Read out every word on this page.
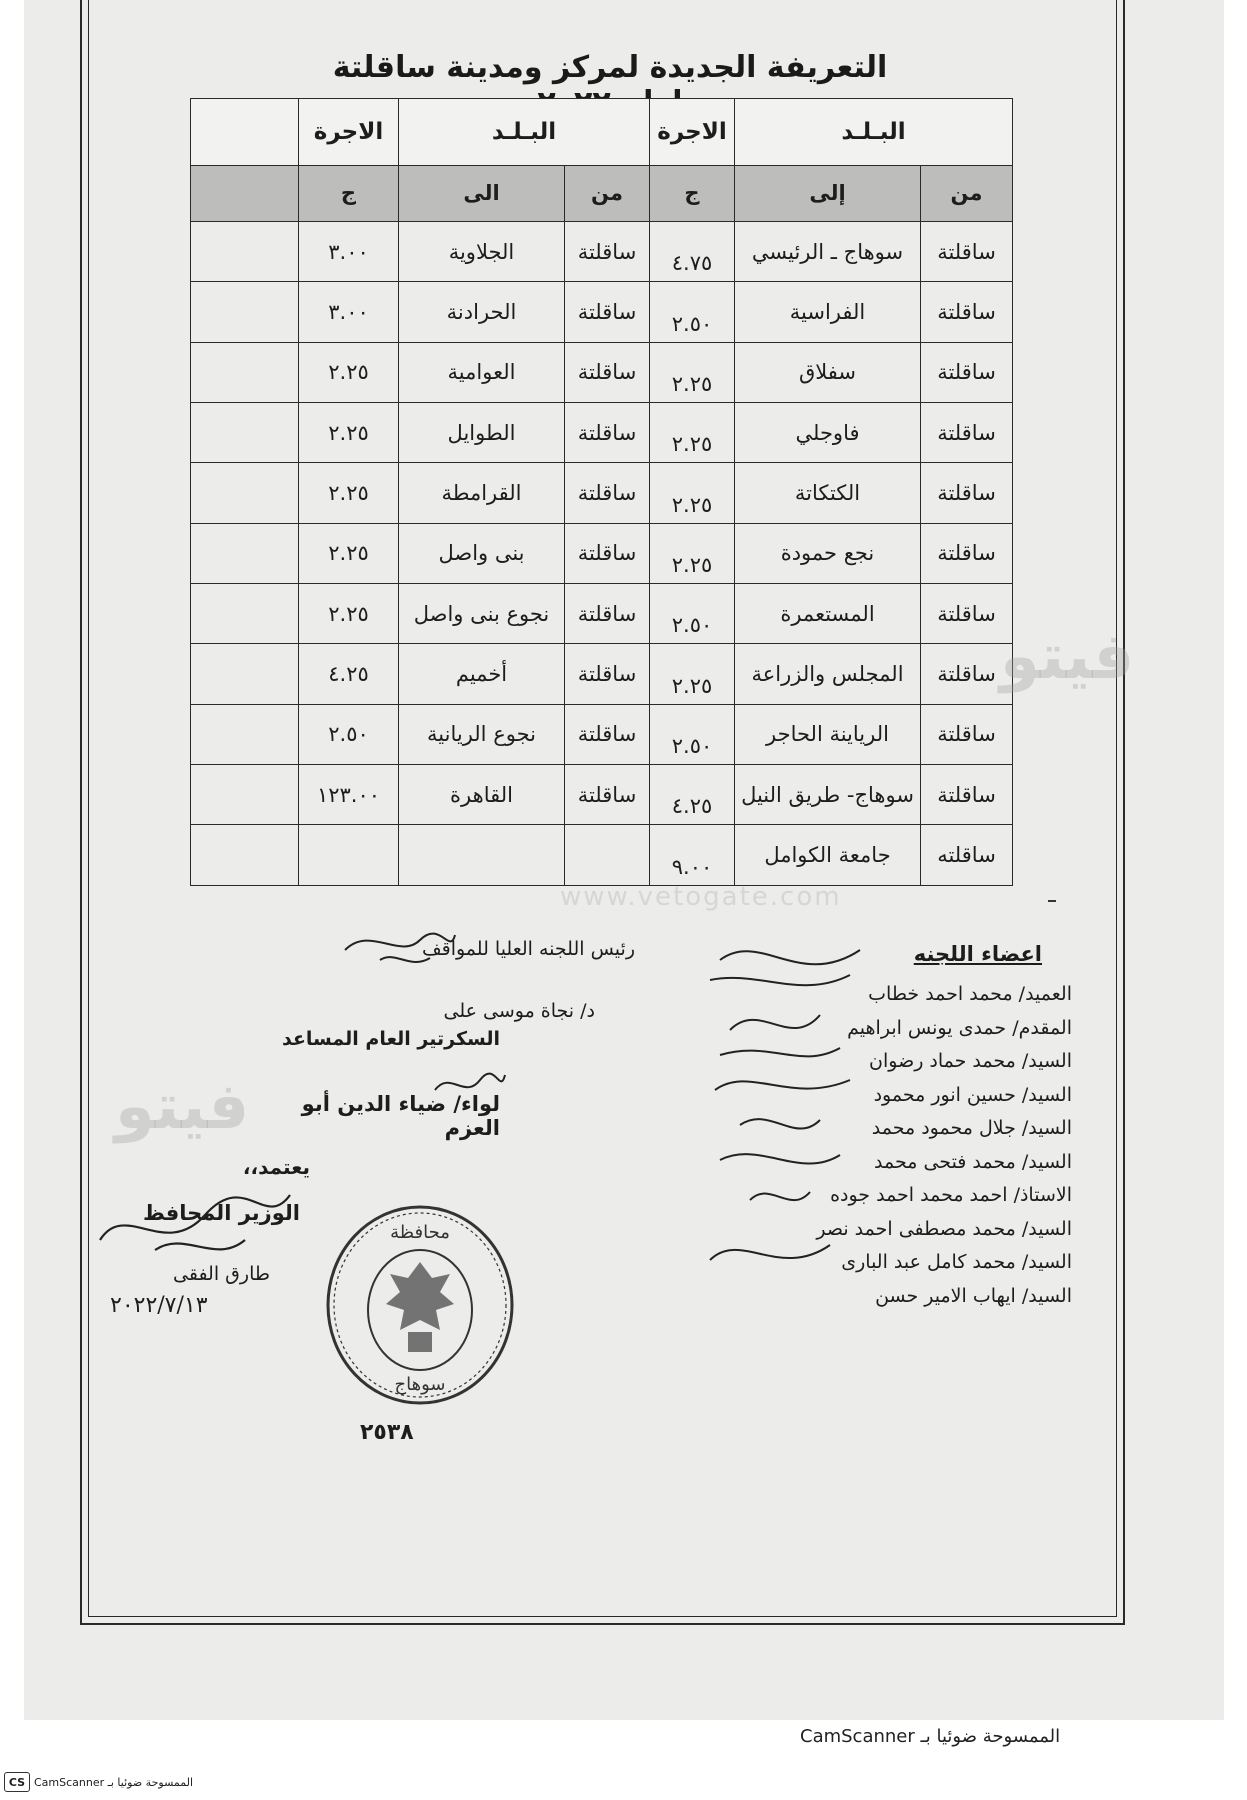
التعريفة الجديدة لمركز ومدينة ساقلتة
البـلـد		الاجرة	البـلـد		الاجرة	
من	إلى	ج	من	الى	ج	
ساقلتة	سوهاج ـ الرئيسي	٤.٧٥	ساقلتة	الجلاوية	٣.٠٠	
ساقلتة	الفراسية	٢.٥٠	ساقلتة	الحرادنة	٣.٠٠	
ساقلتة	سفلاق	٢.٢٥	ساقلتة	العوامية	٢.٢٥	
ساقلتة	فاوجلي	٢.٢٥	ساقلتة	الطوايل	٢.٢٥	
ساقلتة	الكتكاتة	٢.٢٥	ساقلتة	القرامطة	٢.٢٥	
ساقلتة	نجع حمودة	٢.٢٥	ساقلتة	بنى واصل	٢.٢٥	
ساقلتة	المستعمرة	٢.٥٠	ساقلتة	نجوع بنى واصل	٢.٢٥	
ساقلتة	المجلس والزراعة	٢.٢٥	ساقلتة	أخميم	٤.٢٥	
ساقلتة	الرياينة الحاجر	٢.٥٠	ساقلتة	نجوع الريانية	٢.٥٠	
ساقلتة	سوهاج- طريق النيل	٤.٢٥	ساقلتة	القاهرة	١٢٣.٠٠	
ساقلته	جامعة الكوامل	٩.٠٠				
www.vetogate.com
فيتو
فيتو
اعضاء اللجنه
العميد/ محمد احمد خطاب
المقدم/ حمدى يونس ابراهيم
السيد/ محمد حماد رضوان
السيد/ حسين انور محمود
السيد/ جلال محمود محمد
السيد/ محمد فتحى محمد
الاستاذ/ احمد محمد احمد جوده
السيد/ محمد مصطفى احمد نصر
السيد/ محمد كامل عبد البارى
السيد/ ايهاب الامير حسن
رئيس اللجنه العليا للمواقف
د/ نجاة موسى على
السكرتير العام المساعد
لواء/ ضياء الدين أبو العزم
يعتمد،،
الوزير المحافظ
طارق الفقى
٢٠٢٢/٧/١٣
محافظة
سوهاج
٢٥٣٨
الممسوحة ضوئيا بـ CamScanner
CS الممسوحة ضوئيا بـ CamScanner
